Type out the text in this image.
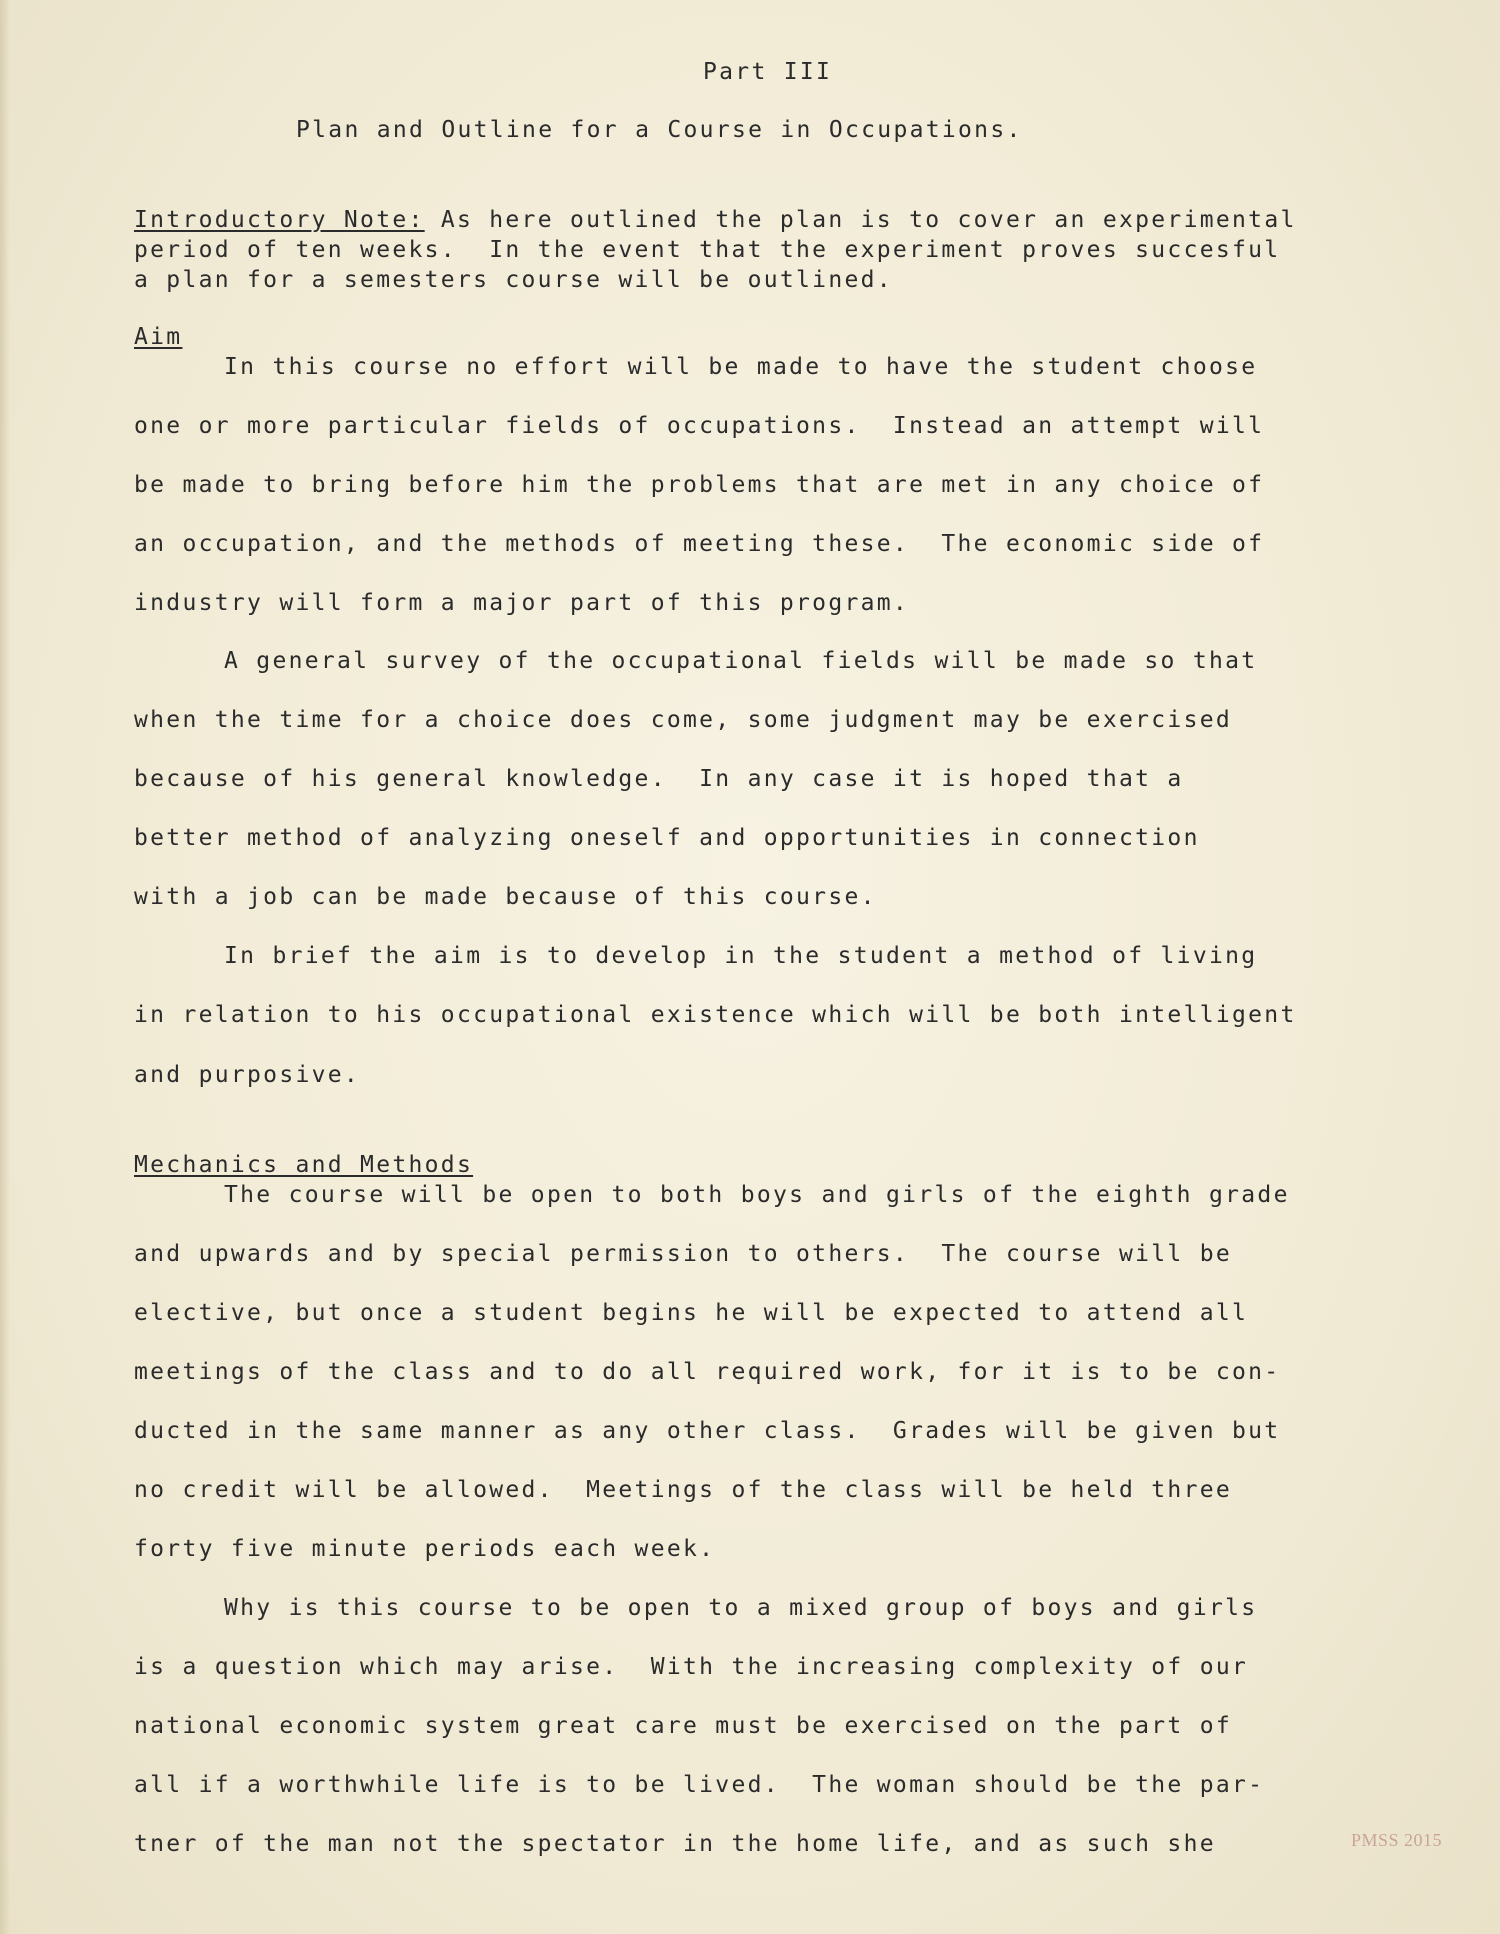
Part III
Plan and Outline for a Course in Occupations.
Introductory Note: As here outlined the plan is to cover an experimental
period of ten weeks.  In the event that the experiment proves succesful
a plan for a semesters course will be outlined.
Aim
In this course no effort will be made to have the student choose
one or more particular fields of occupations.  Instead an attempt will
be made to bring before him the problems that are met in any choice of
an occupation, and the methods of meeting these.  The economic side of
industry will form a major part of this program.
A general survey of the occupational fields will be made so that
when the time for a choice does come, some judgment may be exercised
because of his general knowledge.  In any case it is hoped that a
better method of analyzing oneself and opportunities in connection
with a job can be made because of this course.
In brief the aim is to develop in the student a method of living
in relation to his occupational existence which will be both intelligent
and purposive.
Mechanics and Methods
The course will be open to both boys and girls of the eighth grade
and upwards and by special permission to others.  The course will be
elective, but once a student begins he will be expected to attend all
meetings of the class and to do all required work, for it is to be con-
ducted in the same manner as any other class.  Grades will be given but
no credit will be allowed.  Meetings of the class will be held three
forty five minute periods each week.
Why is this course to be open to a mixed group of boys and girls
is a question which may arise.  With the increasing complexity of our
national economic system great care must be exercised on the part of
all if a worthwhile life is to be lived.  The woman should be the par-
tner of the man not the spectator in the home life, and as such she	PMSS 2015
